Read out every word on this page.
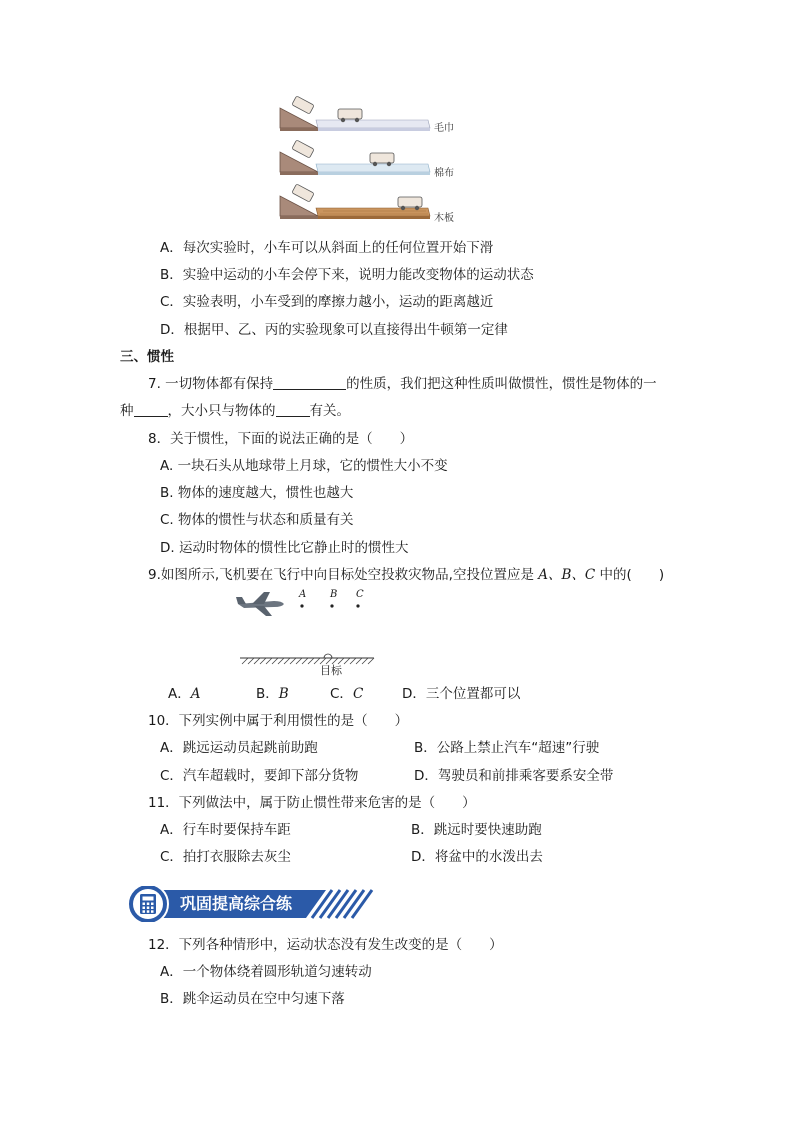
毛巾
棉布
木板
A．每次实验时，小车可以从斜面上的任何位置开始下滑
B．实验中运动的小车会停下来，说明力能改变物体的运动状态
C．实验表明，小车受到的摩擦力越小，运动的距离越近
D．根据甲、乙、丙的实验现象可以直接得出牛顿第一定律
三、惯性
7. 一切物体都有保持	的性质，我们把这种性质叫做惯性，惯性是物体的一
种	，大小只与物体的	有关。
8．关于惯性，下面的说法正确的是（　　）
A. 一块石头从地球带上月球，它的惯性大小不变
B. 物体的速度越大，惯性也越大
C. 物体的惯性与状态和质量有关
D. 运动时物体的惯性比它静止时的惯性大
9.如图所示,飞机要在飞行中向目标处空投救灾物品,空投位置应是 A、B、C 中的(　　)
A B C
目标
A．A	B．B	C．C	D．三个位置都可以
10．下列实例中属于利用惯性的是（　　）
A．跳远运动员起跳前助跑	B．公路上禁止汽车“超速”行驶
C．汽车超载时，要卸下部分货物	D．驾驶员和前排乘客要系安全带
11．下列做法中，属于防止惯性带来危害的是（　　）
A．行车时要保持车距	B．跳远时要快速助跑
C．拍打衣服除去灰尘	D．将盆中的水泼出去
巩固提高综合练
12．下列各种情形中，运动状态没有发生改变的是（　　）
A．一个物体绕着圆形轨道匀速转动
B．跳伞运动员在空中匀速下落
